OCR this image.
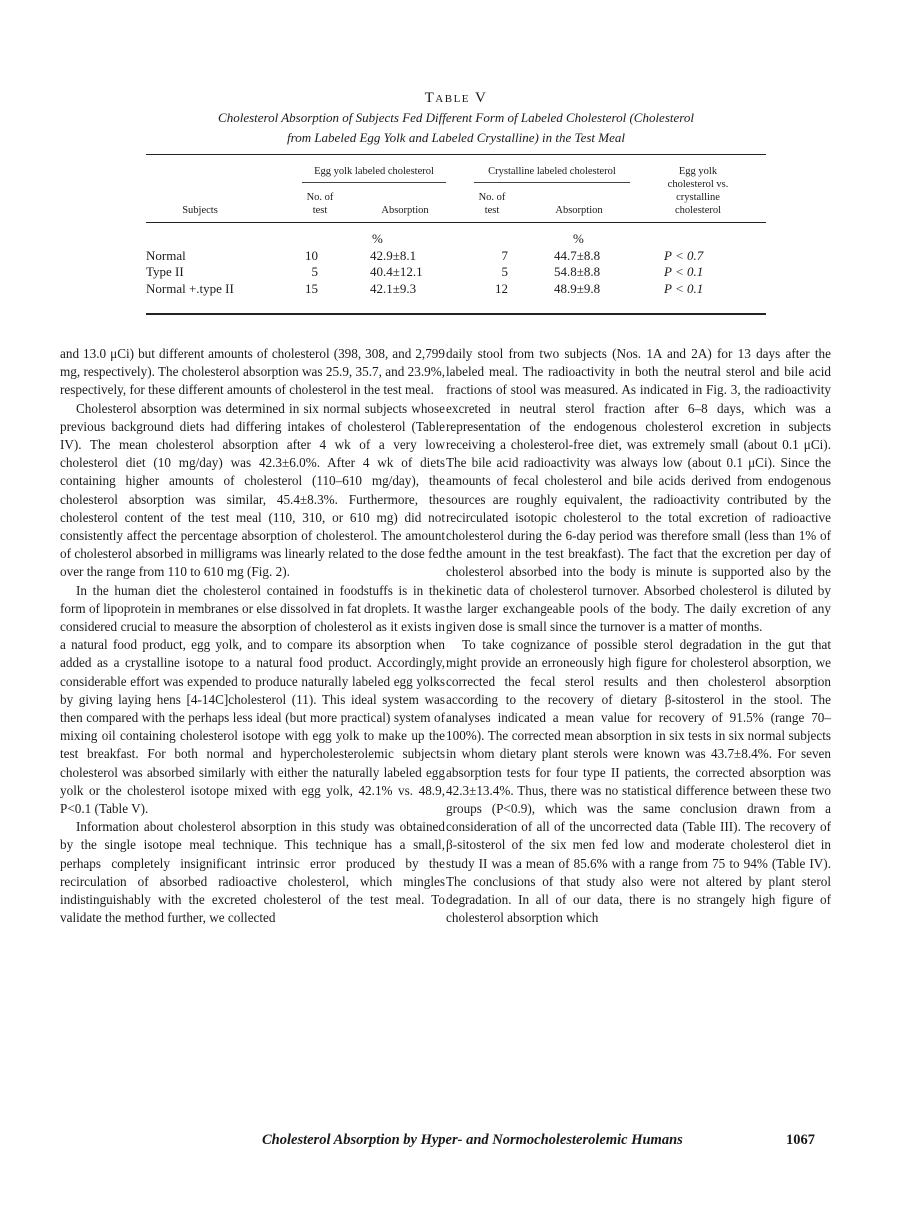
Table V
Cholesterol Absorption of Subjects Fed Different Form of Labeled Cholesterol (Cholesterol
from Labeled Egg Yolk and Labeled Crystalline) in the Test Meal
Egg yolk labeled cholesterol	Crystalline labeled cholesterol
Subjects
No. of test	Absorption
No. of test	Absorption
Egg yolk
cholesterol vs.
crystalline
cholesterol
%	%
Normal	10	42.9±8.1	7	44.7±8.8	P < 0.7
Type II	5	40.4±12.1	5	54.8±8.8	P < 0.1
Normal +.type II	15	42.1±9.3	12	48.9±9.8	P < 0.1

and 13.0 μCi) but different amounts of cholesterol (398, 308, and 2,799 mg, respectively). The cholesterol absorption was 25.9, 35.7, and 23.9%, respectively, for these different amounts of cholesterol in the test meal.

Cholesterol absorption was determined in six normal subjects whose previous background diets had differing intakes of cholesterol (Table IV). The mean cholesterol absorption after 4 wk of a very low cholesterol diet (10 mg/day) was 42.3±6.0%. After 4 wk of diets containing higher amounts of cholesterol (110–610 mg/day), the cholesterol absorption was similar, 45.4±8.3%. Furthermore, the cholesterol content of the test meal (110, 310, or 610 mg) did not consistently affect the percentage absorption of cholesterol. The amount of cholesterol absorbed in milligrams was linearly related to the dose fed over the range from 110 to 610 mg (Fig. 2).

In the human diet the cholesterol contained in foodstuffs is in the form of lipoprotein in membranes or else dissolved in fat droplets. It was considered crucial to measure the absorption of cholesterol as it exists in a natural food product, egg yolk, and to compare its absorption when added as a crystalline isotope to a natural food product. Accordingly, considerable effort was expended to produce naturally labeled egg yolks by giving laying hens [4-14C]cholesterol (11). This ideal system was then compared with the perhaps less ideal (but more practical) system of mixing oil containing cholesterol isotope with egg yolk to make up the test breakfast. For both normal and hypercholesterolemic subjects cholesterol was absorbed similarly with either the naturally labeled egg yolk or the cholesterol isotope mixed with egg yolk, 42.1% vs. 48.9, P<0.1 (Table V).

Information about cholesterol absorption in this study was obtained by the single isotope meal technique. This technique has a small, perhaps completely insignificant intrinsic error produced by the recirculation of absorbed radioactive cholesterol, which mingles indistinguishably with the excreted cholesterol of the test meal. To validate the method further, we collected

daily stool from two subjects (Nos. 1A and 2A) for 13 days after the labeled meal. The radioactivity in both the neutral sterol and bile acid fractions of stool was measured. As indicated in Fig. 3, the radioactivity excreted in neutral sterol fraction after 6–8 days, which was a representation of the endogenous cholesterol excretion in subjects receiving a cholesterol-free diet, was extremely small (about 0.1 μCi). The bile acid radioactivity was always low (about 0.1 μCi). Since the amounts of fecal cholesterol and bile acids derived from endogenous sources are roughly equivalent, the radioactivity contributed by the recirculated isotopic cholesterol to the total excretion of radioactive cholesterol during the 6-day period was therefore small (less than 1% of the amount in the test breakfast). The fact that the excretion per day of cholesterol absorbed into the body is minute is supported also by the kinetic data of cholesterol turnover. Absorbed cholesterol is diluted by the larger exchangeable pools of the body. The daily excretion of any given dose is small since the turnover is a matter of months.

To take cognizance of possible sterol degradation in the gut that might provide an erroneously high figure for cholesterol absorption, we corrected the fecal sterol results and then cholesterol absorption according to the recovery of dietary β-sitosterol in the stool. The analyses indicated a mean value for recovery of 91.5% (range 70–100%). The corrected mean absorption in six tests in six normal subjects in whom dietary plant sterols were known was 43.7±8.4%. For seven absorption tests for four type II patients, the corrected absorption was 42.3±13.4%. Thus, there was no statistical difference between these two groups (P<0.9), which was the same conclusion drawn from a consideration of all of the uncorrected data (Table III). The recovery of β-sitosterol of the six men fed low and moderate cholesterol diet in study II was a mean of 85.6% with a range from 75 to 94% (Table IV). The conclusions of that study also were not altered by plant sterol degradation. In all of our data, there is no strangely high figure of cholesterol absorption which

Cholesterol Absorption by Hyper- and Normocholesterolemic Humans	1067
